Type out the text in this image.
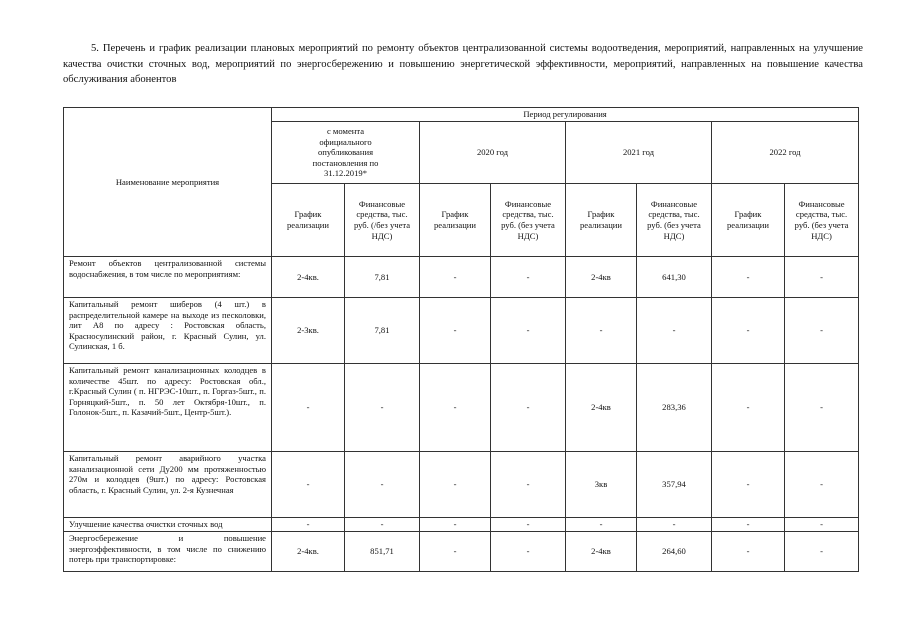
5. Перечень и график реализации плановых мероприятий по ремонту объектов централизованной системы водоотведения, мероприятий, направленных на улучшение качества очистки сточных вод, мероприятий по энергосбережению и повышению энергетической эффективности, мероприятий, направленных на повышение качества обслуживания абонентов
Наименование мероприятия	Период регулирования							
	с момента официального опубликования постановления по 31.12.2019*		2020 год		2021 год		2022 год	
	График реализации	Финансовые средства, тыс. руб. (/без учета НДС)	График реализации	Финансовые средства, тыс. руб. (без учета НДС)	График реализации	Финансовые средства, тыс. руб. (без учета НДС)	График реализации	Финансовые средства, тыс. руб. (без учета НДС)
Ремонт объектов централизованной системы водоснабжения, в том числе по мероприятиям:	2-4кв.	7,81	-	-	2-4кв	641,30	-	-
Капитальный ремонт шиберов (4 шт.) в распределительной камере на выходе из песколовки, лит А8 по адресу : Ростовская область, Красносулинский район, г. Красный Сулин, ул. Сулинская, 1 б.	2-3кв.	7,81	-	-	-	-	-	-
Капитальный ремонт канализационных колодцев в количестве 45шт. по адресу: Ростовская обл., г.Красный Сулин ( п. НГРЭС-10шт., п. Горгаз-5шт., п. Горняцкий-5шт., п. 50 лет Октября-10шт., п. Голонок-5шт., п. Казачий-5шт., Центр-5шт.).	-	-	-	-	2-4кв	283,36	-	-
Капитальный ремонт аварийного участка канализационной сети Ду200 мм протяженностью 270м и колодцев (9шт.) по адресу: Ростовская область, г. Красный Сулин, ул. 2-я Кузнечная	-	-	-	-	3кв	357,94	-	-
Улучшение качества очистки сточных вод	-	-	-	-	-	-	-	-
Энергосбережение и повышение энергоэффективности, в том числе по снижению потерь при транспортировке:	2-4кв.	851,71	-	-	2-4кв	264,60	-	-
